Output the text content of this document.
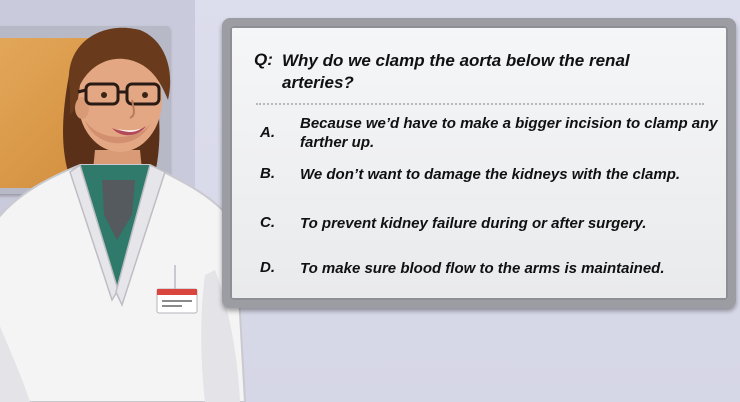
Q: Why do we clamp the aorta below the renal arteries?
A.
Because we’d have to make a bigger incision to clamp any farther up.
B. We don’t want to damage the kidneys with the clamp.
C. To prevent kidney failure during or after surgery.
D. To make sure blood flow to the arms is maintained.
